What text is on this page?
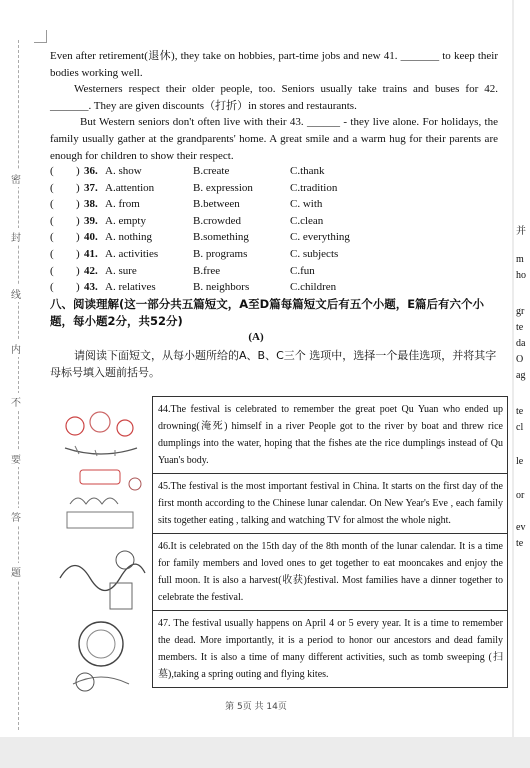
密
封
线
内
不
要
答
题

Even after retirement(退休), they take on hobbies, part-time jobs and new 41. _______ to keep their bodies working well.

Westerners respect their older people, too. Seniors usually take trains and buses for 42. _______. They are given discounts（打折）in stores and restaurants.

But Western seniors don't often live with their 43. ______ - they live alone. For holidays, the family usually gather at the grandparents' home. A great smile and a warm hug for their parents are enough for children to show their respect.

( ) 36. A. show	B.create	C.thank
( ) 37. A.attention	B. expression	C.tradition
( ) 38. A. from	B.between	C. with
( ) 39. A. empty	B.crowded	C.clean
( ) 40. A. nothing	B.something	C. everything
( ) 41. A. activities	B. programs	C. subjects
( ) 42. A. sure	B.free	C.fun
( ) 43. A. relatives	B. neighbors	C.children
八、阅读理解(这一部分共五篇短文，A至D篇每篇短文后有五个小题，E篇后有六个小题，每小题2分，共52分)
(A)
请阅读下面短文，从每小题所给的A、B、C三个 选项中，选择一个最佳选项，并将其字母标号填入题前括号。
44.The festival is celebrated to remember the great poet Qu Yuan who ended up drowning(淹死) himself in a river People got to the river by boat and threw rice dumplings into the water, hoping that the fishes ate the rice dumplings instead of Qu Yuan's body.
45.The festival is the most important festival in China. It starts on the first day of the first month according to the Chinese lunar calendar. On New Year's Eve , each family sits together eating , talking and watching TV for almost the whole night.
46.It is celebrated on the 15th day of the 8th month of the lunar calendar. It is a time for family members and loved ones to get together to eat mooncakes and enjoy the full moon. It is also a harvest(收获)festival. Most families have a dinner together to celebrate the festival.
47. The festival usually happens on April 4 or 5 every year. It is a time to remember the dead. More importantly, it is a period to honor our ancestors and dead family members. It is also a time of many different activities, such as tomb sweeping (扫墓),taking a spring outing and flying kites.
第 5页 共 14页
并
m
ho
gr
te
da
O
ag
te
cl
le
or
ev
te
